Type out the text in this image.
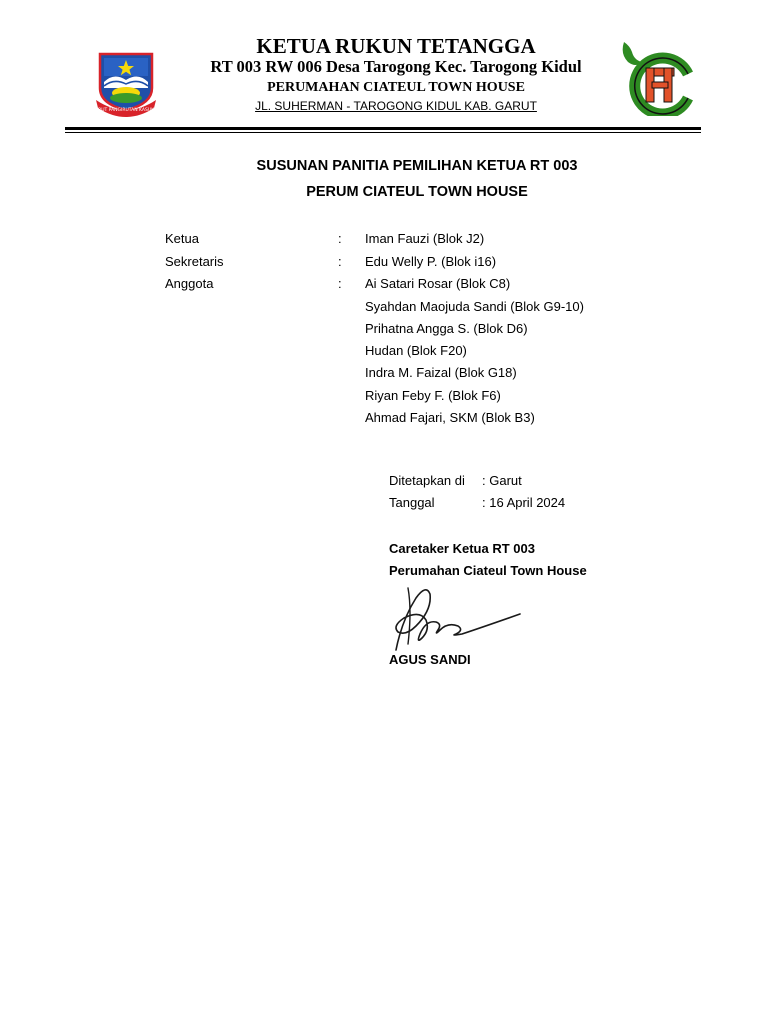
GARUT PANGIRUTAN KASUKAN
KETUA RUKUN TETANGGA
RT 003 RW 006 Desa Tarogong Kec. Tarogong Kidul
PERUMAHAN CIATEUL TOWN HOUSE
JL. SUHERMAN - TAROGONG KIDUL KAB. GARUT
SUSUNAN PANITIA PEMILIHAN KETUA RT 003
PERUM CIATEUL TOWN HOUSE
Ketua	: Iman Fauzi (Blok J2)
Sekretaris	: Edu Welly P. (Blok i16)
Anggota	: Ai Satari Rosar (Blok C8)
Syahdan Maojuda Sandi (Blok G9-10)
Prihatna Angga S. (Blok D6)
Hudan (Blok F20)
Indra M. Faizal (Blok G18)
Riyan Feby F. (Blok F6)
Ahmad Fajari, SKM (Blok B3)
Ditetapkan di : Garut
Tanggal	: 16 April 2024
Caretaker Ketua RT 003
Perumahan Ciateul Town House
AGUS SANDI
